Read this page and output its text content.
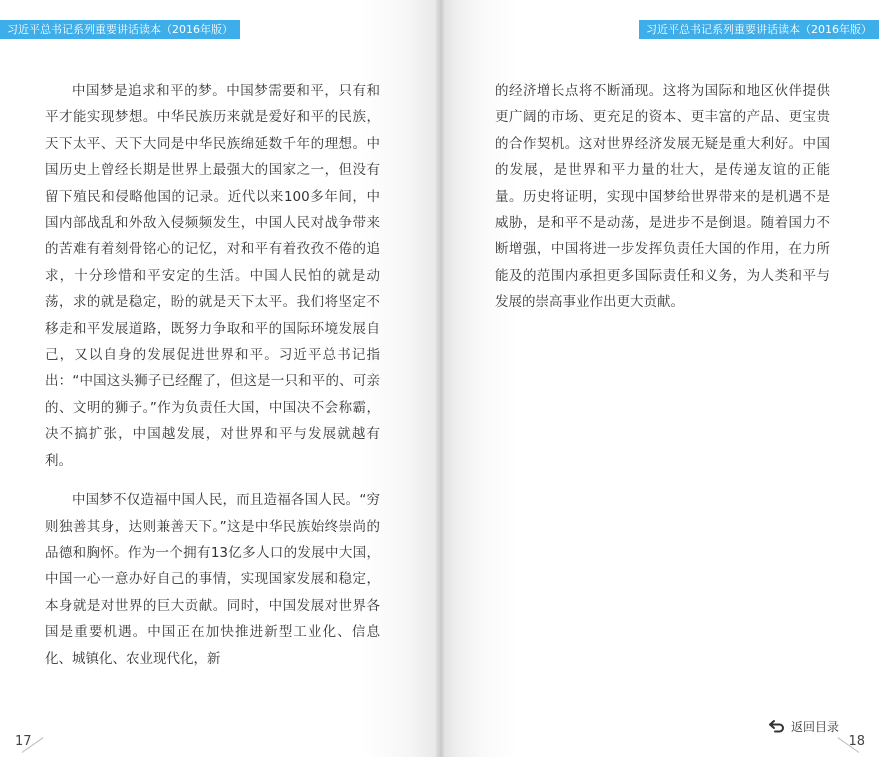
习近平总书记系列重要讲话读本（2016年版）

中国梦是追求和平的梦。中国梦需要和平，只有和平才能实现梦想。中华民族历来就是爱好和平的民族，天下太平、天下大同是中华民族绵延数千年的理想。中国历史上曾经长期是世界上最强大的国家之一，但没有留下殖民和侵略他国的记录。近代以来100多年间，中国内部战乱和外敌入侵频频发生，中国人民对战争带来的苦难有着刻骨铭心的记忆，对和平有着孜孜不倦的追求，十分珍惜和平安定的生活。中国人民怕的就是动荡，求的就是稳定，盼的就是天下太平。我们将坚定不移走和平发展道路，既努力争取和平的国际环境发展自己，又以自身的发展促进世界和平。习近平总书记指出：“中国这头狮子已经醒了，但这是一只和平的、可亲的、文明的狮子。”作为负责任大国，中国决不会称霸，决不搞扩张，中国越发展，对世界和平与发展就越有利。

中国梦不仅造福中国人民，而且造福各国人民。“穷则独善其身，达则兼善天下。”这是中华民族始终崇尚的品德和胸怀。作为一个拥有13亿多人口的发展中大国，中国一心一意办好自己的事情，实现国家发展和稳定，本身就是对世界的巨大贡献。同时，中国发展对世界各国是重要机遇。中国正在加快推进新型工业化、信息化、城镇化、农业现代化，新

17
习近平总书记系列重要讲话读本（2016年版）

的经济增长点将不断涌现。这将为国际和地区伙伴提供更广阔的市场、更充足的资本、更丰富的产品、更宝贵的合作契机。这对世界经济发展无疑是重大利好。中国的发展，是世界和平力量的壮大，是传递友谊的正能量。历史将证明，实现中国梦给世界带来的是机遇不是威胁，是和平不是动荡，是进步不是倒退。随着国力不断增强，中国将进一步发挥负责任大国的作用，在力所能及的范围内承担更多国际责任和义务，为人类和平与发展的崇高事业作出更大贡献。

返回目录
18
